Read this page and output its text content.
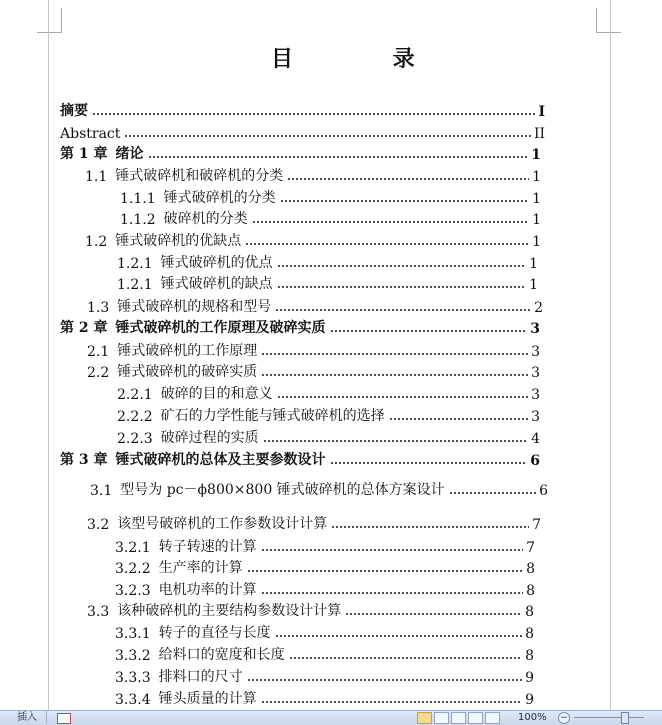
目 录
摘要	I
Abstract	II
第 1 章 绪论	1
1.1 锤式破碎机和破碎机的分类	1
1.1.1 锤式破碎机的分类	1
1.1.2 破碎机的分类	1
1.2 锤式破碎机的优缺点	1
1.2.1 锤式破碎机的优点	1
1.2.1 锤式破碎机的缺点	1
1.3 锤式破碎机的规格和型号	2
第 2 章 锤式破碎机的工作原理及破碎实质	3
2.1 锤式破碎机的工作原理	3
2.2 锤式破碎机的破碎实质	3
2.2.1 破碎的目的和意义	3
2.2.2 矿石的力学性能与锤式破碎机的选择	3
2.2.3 破碎过程的实质	4
第 3 章 锤式破碎机的总体及主要参数设计	6
3.1 型号为 pc－ϕ800×800 锤式破碎机的总体方案设计	6
3.2 该型号破碎机的工作参数设计计算	7
3.2.1 转子转速的计算	7
3.2.2 生产率的计算	8
3.2.3 电机功率的计算	8
3.3 该种破碎机的主要结构参数设计计算	8
3.3.1 转子的直径与长度	8
3.3.2 给料口的宽度和长度	8
3.3.3 排料口的尺寸	9
3.3.4 锤头质量的计算	9
插入	100% −
